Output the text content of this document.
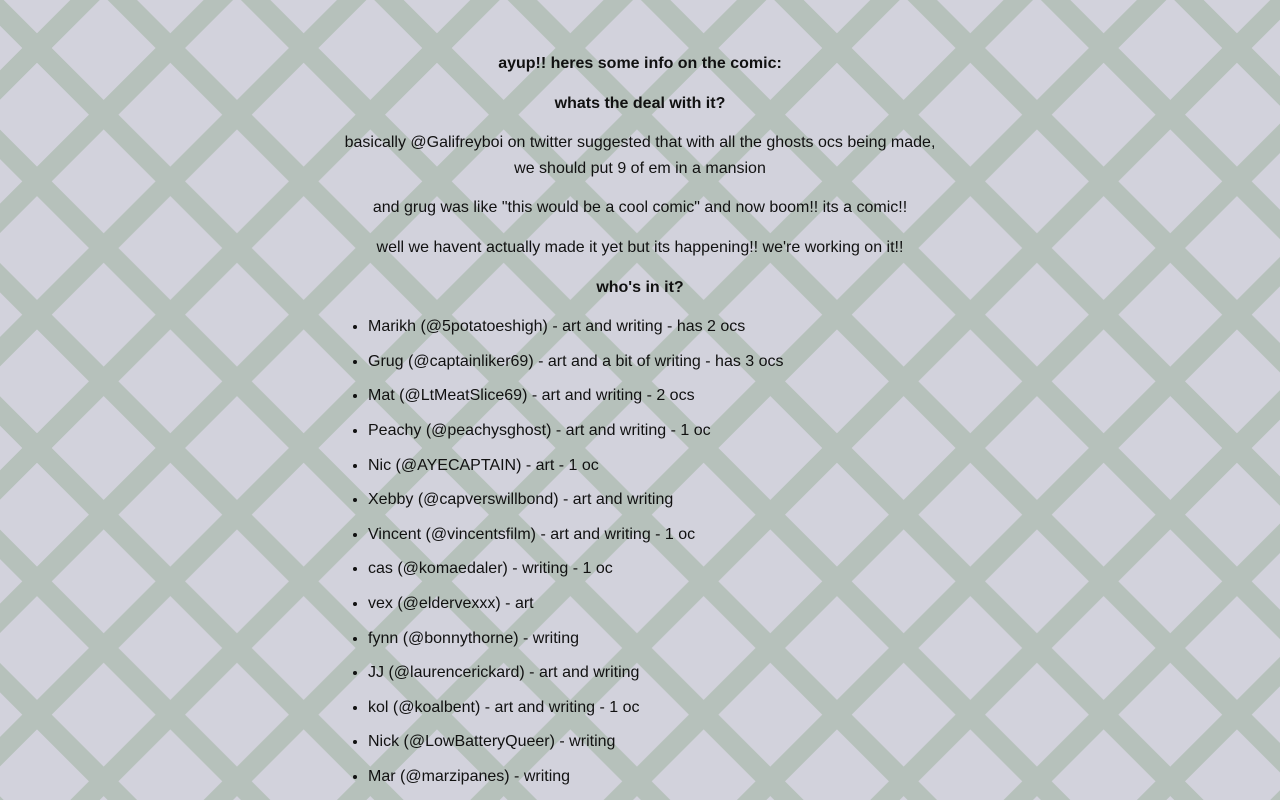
ayup!! heres some info on the comic:

whats the deal with it?

basically @Galifreyboi on twitter suggested that with all the ghosts ocs being made, we should put 9 of em in a mansion

and grug was like "this would be a cool comic" and now boom!! its a comic!!

well we havent actually made it yet but its happening!! we're working on it!!

who's in it?

• Marikh (@5potatoeshigh) - art and writing - has 2 ocs
• Grug (@captainliker69) - art and a bit of writing - has 3 ocs
• Mat (@LtMeatSlice69) - art and writing - 2 ocs
• Peachy (@peachysghost) - art and writing - 1 oc
• Nic (@AYECAPTAIN) - art - 1 oc
• Xebby (@capverswillbond) - art and writing
• Vincent (@vincentsfilm) - art and writing - 1 oc
• cas (@komaedaler) - writing - 1 oc
• vex (@eldervexxx) - art
• fynn (@bonnythorne) - writing
• JJ (@laurencerickard) - art and writing
• kol (@koalbent) - art and writing - 1 oc
• Nick (@LowBatteryQueer) - writing
• Mar (@marzipanes) - writing
